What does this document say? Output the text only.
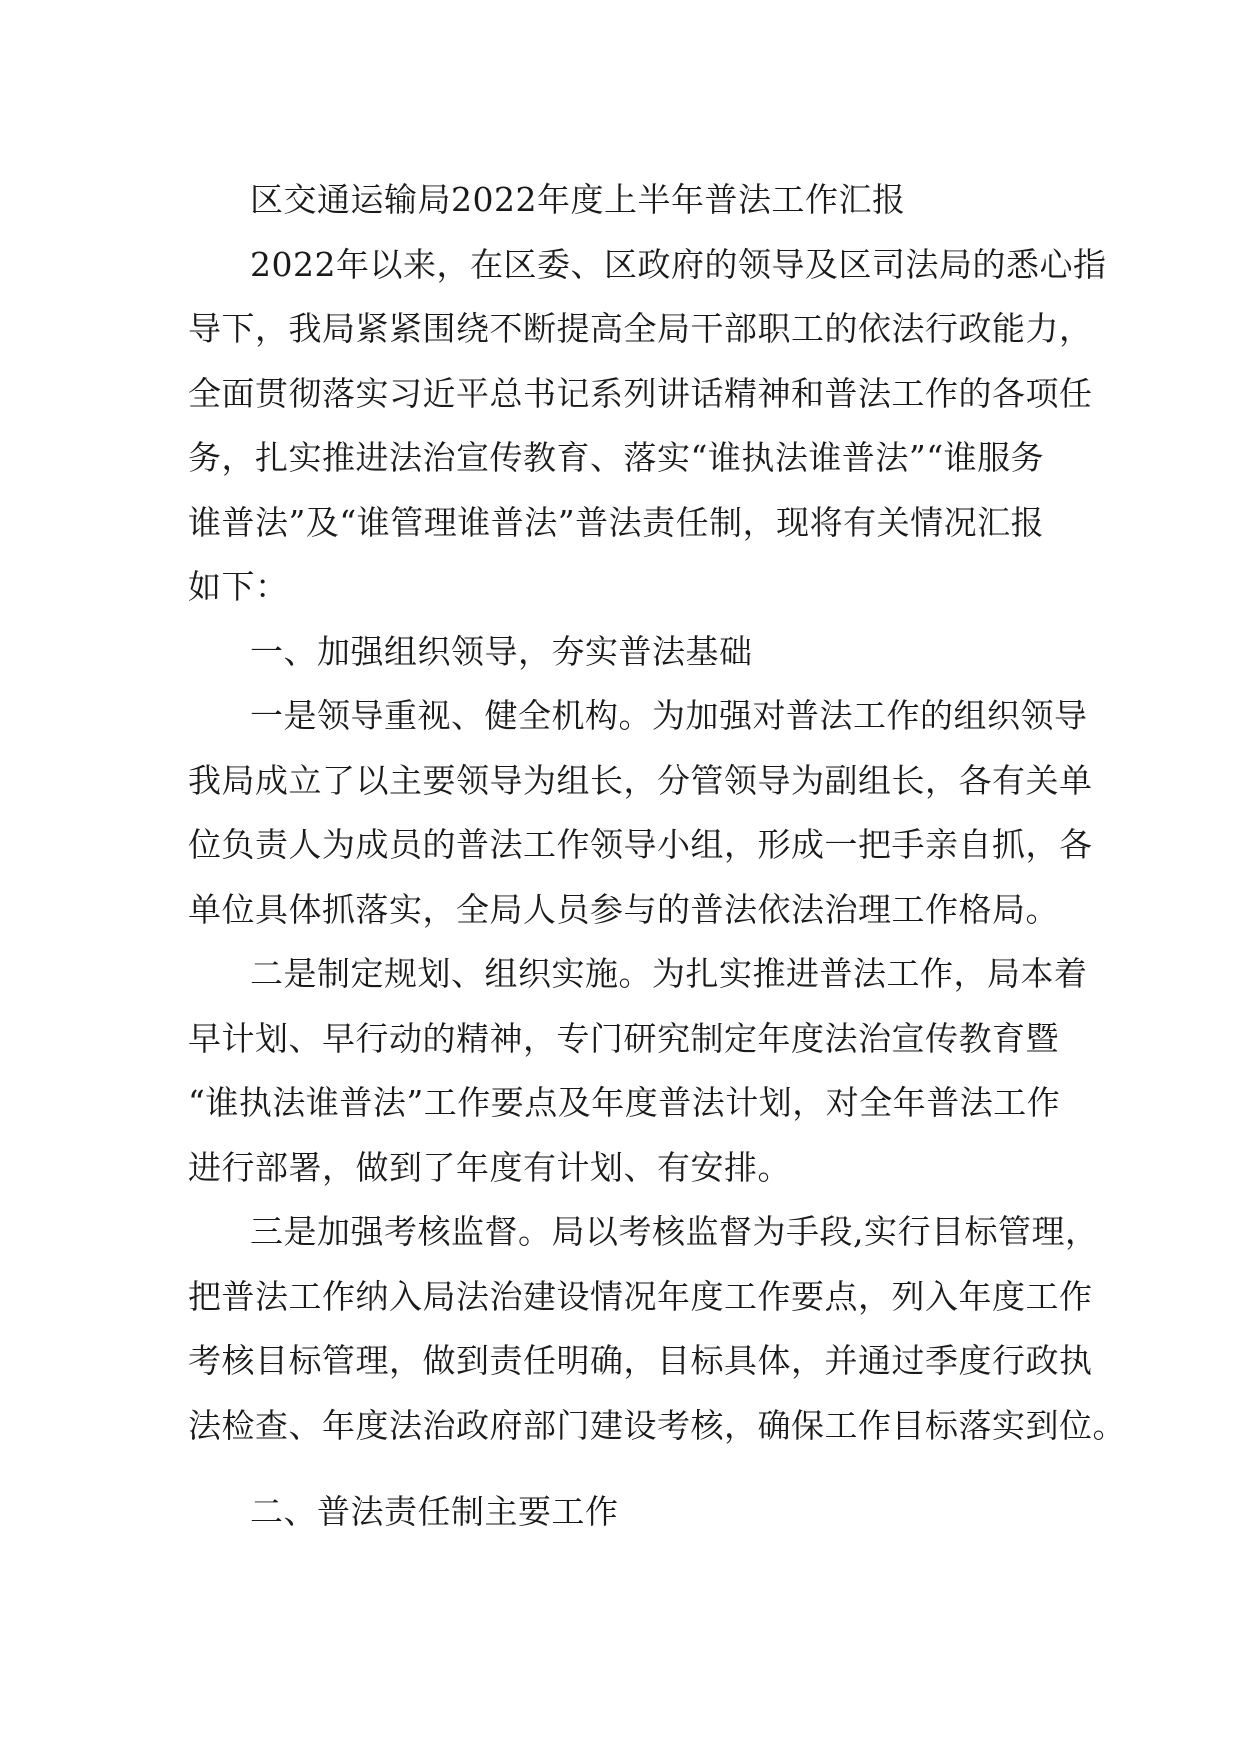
区交通运输局2022年度上半年普法工作汇报
2022年以来，在区委、区政府的领导及区司法局的悉心指
导下，我局紧紧围绕不断提高全局干部职工的依法行政能力，
全面贯彻落实习近平总书记系列讲话精神和普法工作的各项任
务，扎实推进法治宣传教育、落实“谁执法谁普法”“谁服务
谁普法”及“谁管理谁普法”普法责任制，现将有关情况汇报
如下：
一、加强组织领导，夯实普法基础
一是领导重视、健全机构。为加强对普法工作的组织领导
我局成立了以主要领导为组长，分管领导为副组长，各有关单
位负责人为成员的普法工作领导小组，形成一把手亲自抓，各
单位具体抓落实，全局人员参与的普法依法治理工作格局。
二是制定规划、组织实施。为扎实推进普法工作，局本着
早计划、早行动的精神，专门研究制定年度法治宣传教育暨
“谁执法谁普法”工作要点及年度普法计划，对全年普法工作
进行部署，做到了年度有计划、有安排。
三是加强考核监督。局以考核监督为手段,实行目标管理，
把普法工作纳入局法治建设情况年度工作要点，列入年度工作
考核目标管理，做到责任明确，目标具体，并通过季度行政执
法检查、年度法治政府部门建设考核，确保工作目标落实到位。
二、普法责任制主要工作
